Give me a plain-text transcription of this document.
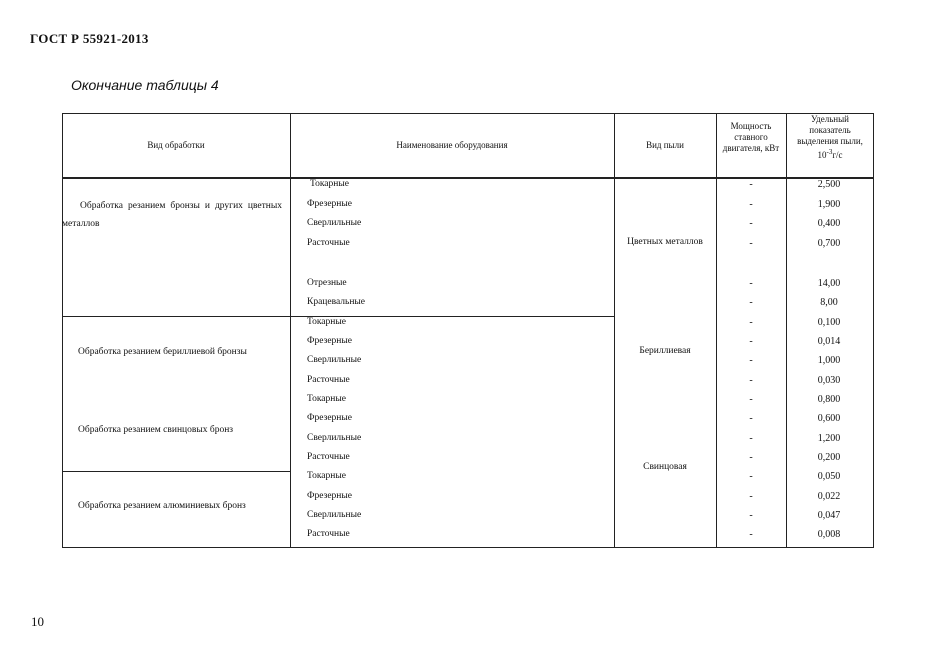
ГОСТ Р 55921-2013
Окончание таблицы 4
10
Вид обработки	Наименование оборудования	Вид пыли
Мощность ставного двигателя, кВт
Удельный показатель выделения пыли,
$10^{-3}г/с$
Обработка резанием бронзы и других цветных металлов
Обработка резанием бериллиевой бронзы
Обработка резанием свинцовых бронз
Обработка резанием алюминиевых бронз
Цветных металлов
Бериллиевая
Свинцовая
Токарные
Фрезерные
Сверлильные
Расточные
Отрезные
Крацевальные
Токарные
Фрезерные
Сверлильные
Расточные
Токарные
Фрезерные
Сверлильные
Расточные
Токарные
Фрезерные
Сверлильные
Расточные
-
-
-
-
-
-
-
-
-
-
-
-
-
-
-
-
-
-
2,500
1,900
0,400
0,700
14,00
8,00
0,100
0,014
1,000
0,030
0,800
0,600
1,200
0,200
0,050
0,022
0,047
0,008
